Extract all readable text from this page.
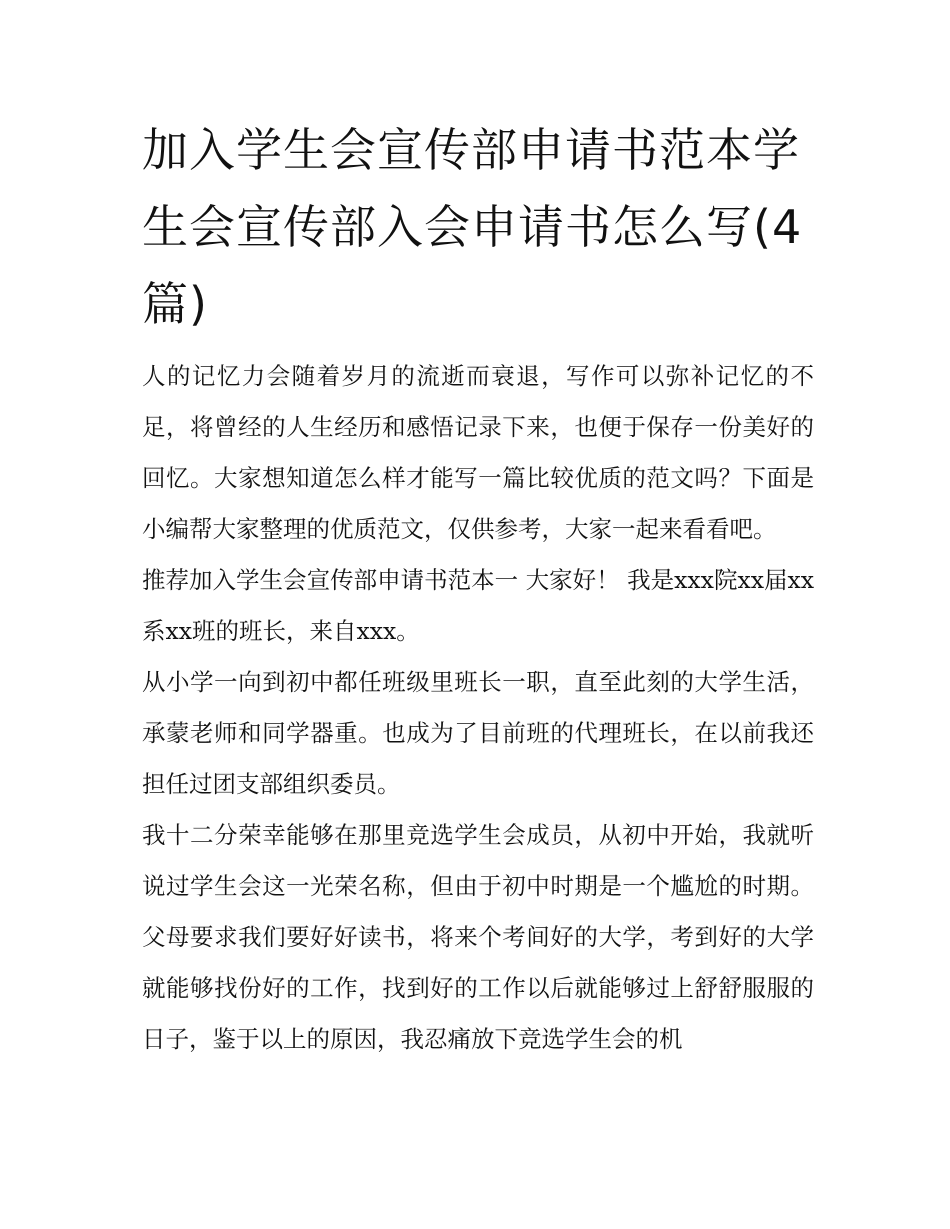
加入学生会宣传部申请书范本学生会宣传部入会申请书怎么写(4篇)

人的记忆力会随着岁月的流逝而衰退，写作可以弥补记忆的不足，将曾经的人生经历和感悟记录下来，也便于保存一份美好的回忆。大家想知道怎么样才能写一篇比较优质的范文吗？下面是小编帮大家整理的优质范文，仅供参考，大家一起来看看吧。

推荐加入学生会宣传部申请书范本一 大家好！ 我是xxx院xx届xx系xx班的班长，来自xxx。

从小学一向到初中都任班级里班长一职，直至此刻的大学生活，承蒙老师和同学器重。也成为了目前班的代理班长，在以前我还担任过团支部组织委员。

我十二分荣幸能够在那里竞选学生会成员，从初中开始，我就听说过学生会这一光荣名称，但由于初中时期是一个尴尬的时期。父母要求我们要好好读书，将来个考间好的大学，考到好的大学就能够找份好的工作，找到好的工作以后就能够过上舒舒服服的日子，鉴于以上的原因，我忍痛放下竞选学生会的机
